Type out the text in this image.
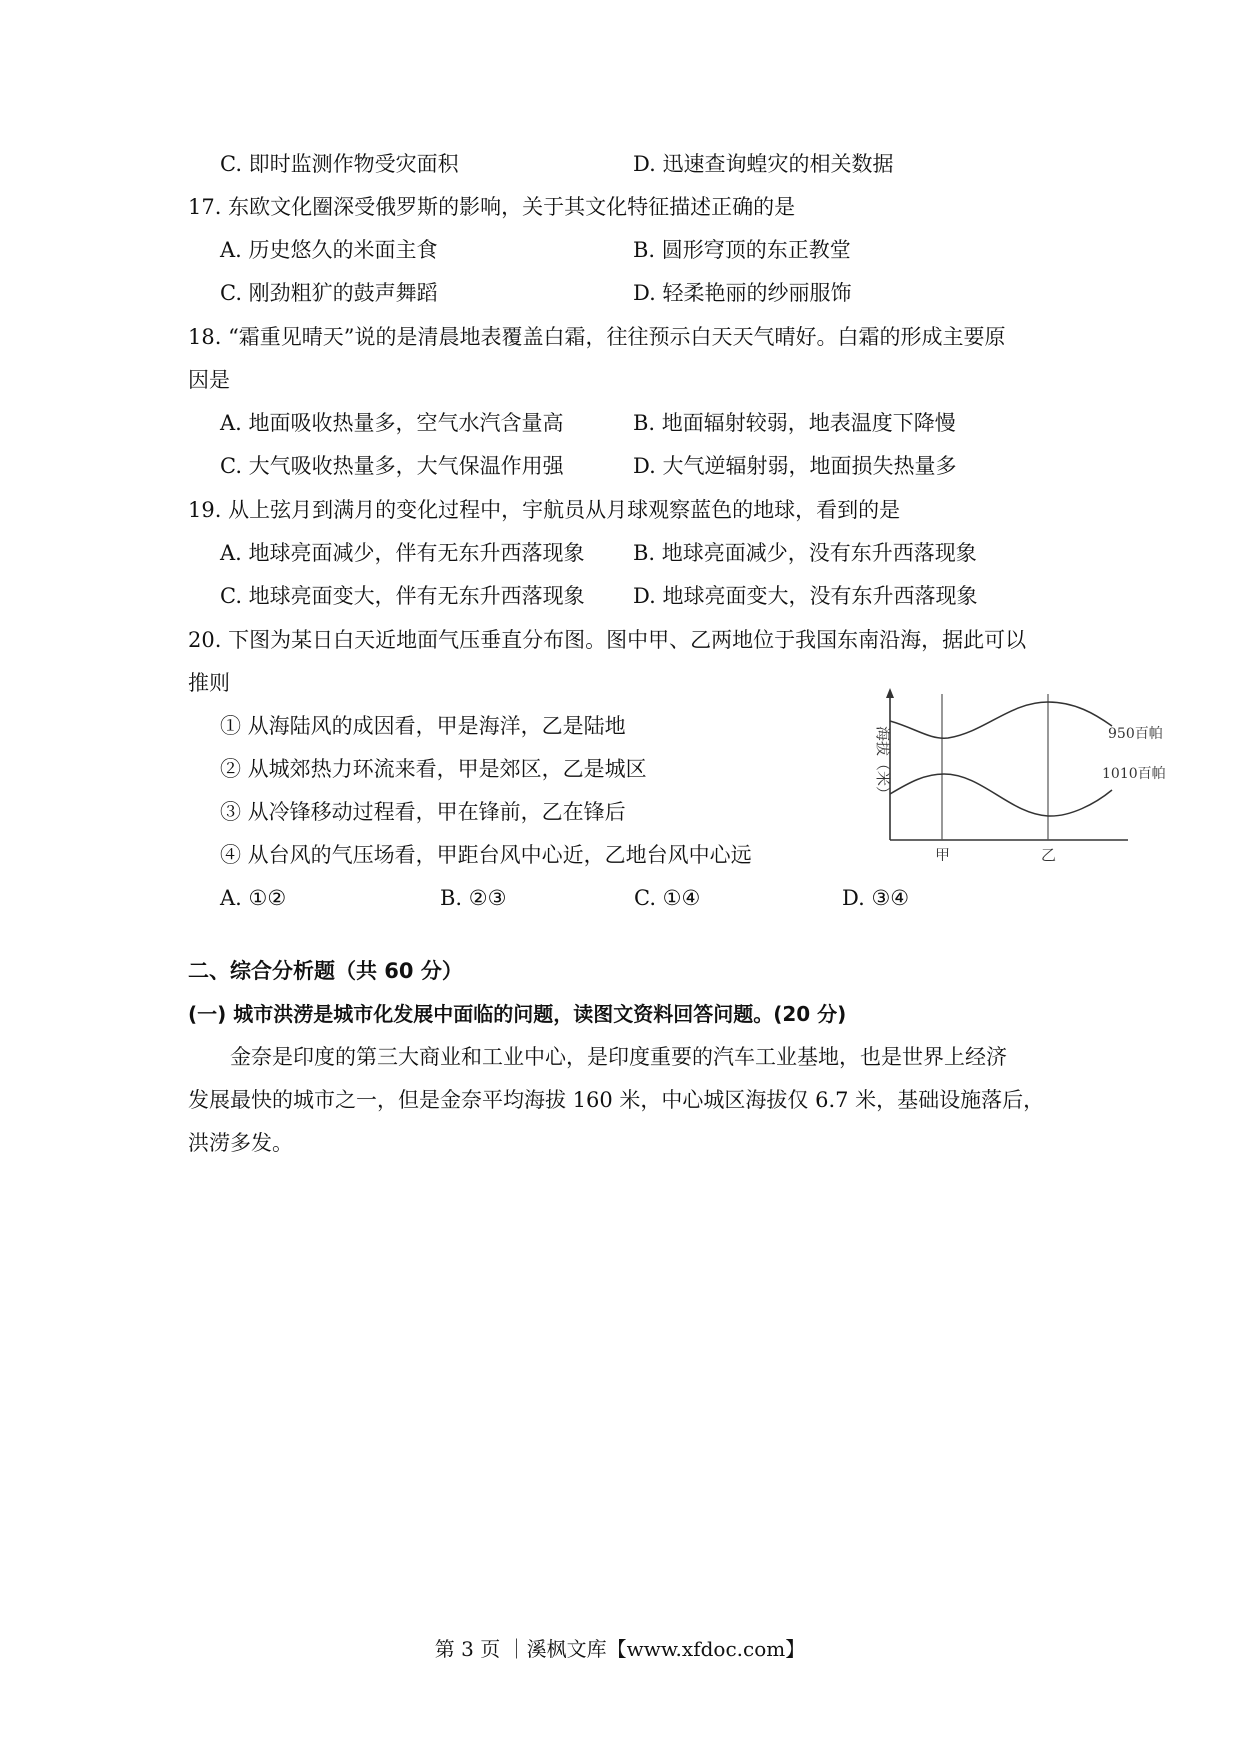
C. 即时监测作物受灾面积	D. 迅速查询蝗灾的相关数据
17. 东欧文化圈深受俄罗斯的影响，关于其文化特征描述正确的是
A. 历史悠久的米面主食	B. 圆形穹顶的东正教堂
C. 刚劲粗犷的鼓声舞蹈	D. 轻柔艳丽的纱丽服饰
18. “霜重见晴天”说的是清晨地表覆盖白霜，往往预示白天天气晴好。白霜的形成主要原
因是
A. 地面吸收热量多，空气水汽含量高	B. 地面辐射较弱，地表温度下降慢
C. 大气吸收热量多，大气保温作用强	D. 大气逆辐射弱，地面损失热量多
19. 从上弦月到满月的变化过程中，宇航员从月球观察蓝色的地球，看到的是
A. 地球亮面减少，伴有无东升西落现象 B. 地球亮面减少，没有东升西落现象
C. 地球亮面变大，伴有无东升西落现象 D. 地球亮面变大，没有东升西落现象
20. 下图为某日白天近地面气压垂直分布图。图中甲、乙两地位于我国东南沿海，据此可以
推则
① 从海陆风的成因看，甲是海洋，乙是陆地
② 从城郊热力环流来看，甲是郊区，乙是城区
③ 从冷锋移动过程看，甲在锋前，乙在锋后
④ 从台风的气压场看，甲距台风中心近，乙地台风中心远
A. ①②	B. ②③	C. ①④	D. ③④
海拔（米）	950百帕
1010百帕
甲	乙
二、综合分析题（共 60 分）
(一) 城市洪涝是城市化发展中面临的问题，读图文资料回答问题。(20 分)
金奈是印度的第三大商业和工业中心，是印度重要的汽车工业基地，也是世界上经济
发展最快的城市之一，但是金奈平均海拔 160 米，中心城区海拔仅 6.7 米，基础设施落后，
洪涝多发。
第 3 页 ｜溪枫文库【www.xfdoc.com】
